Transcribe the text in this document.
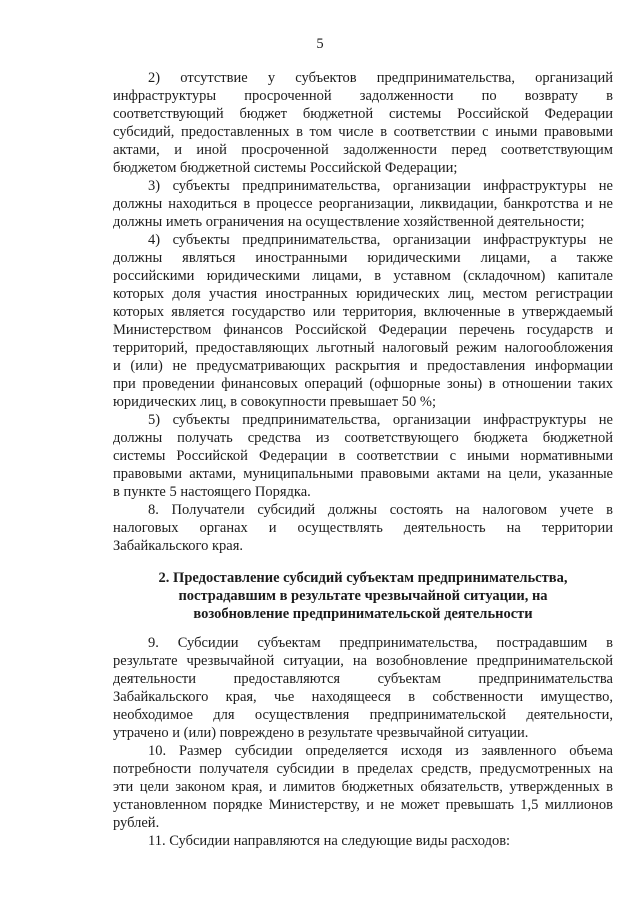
5
2) отсутствие у субъектов предпринимательства, организаций
инфраструктуры просроченной задолженности по возврату в
соответствующий бюджет бюджетной системы Российской Федерации
субсидий, предоставленных в том числе в соответствии с иными правовыми
актами, и иной просроченной задолженности перед соответствующим
бюджетом бюджетной системы Российской Федерации;
3) субъекты предпринимательства, организации инфраструктуры не
должны находиться в процессе реорганизации, ликвидации, банкротства и не
должны иметь ограничения на осуществление хозяйственной деятельности;
4) субъекты предпринимательства, организации инфраструктуры не
должны являться иностранными юридическими лицами, а также
российскими юридическими лицами, в уставном (складочном) капитале
которых доля участия иностранных юридических лиц, местом регистрации
которых является государство или территория, включенные в утверждаемый
Министерством финансов Российской Федерации перечень государств и
территорий, предоставляющих льготный налоговый режим налогообложения
и (или) не предусматривающих раскрытия и предоставления информации
при проведении финансовых операций (офшорные зоны) в отношении таких
юридических лиц, в совокупности превышает 50 %;
5) субъекты предпринимательства, организации инфраструктуры не
должны получать средства из соответствующего бюджета бюджетной
системы Российской Федерации в соответствии с иными нормативными
правовыми актами, муниципальными правовыми актами на цели, указанные
в пункте 5 настоящего Порядка.
8. Получатели субсидий должны состоять на налоговом учете в
налоговых органах и осуществлять деятельность на территории
Забайкальского края.
2. Предоставление субсидий субъектам предпринимательства,
пострадавшим в результате чрезвычайной ситуации, на
возобновление предпринимательской деятельности
9. Субсидии субъектам предпринимательства, пострадавшим в
результате чрезвычайной ситуации, на возобновление предпринимательской
деятельности предоставляются субъектам предпринимательства
Забайкальского края, чье находящееся в собственности имущество,
необходимое для осуществления предпринимательской деятельности,
утрачено и (или) повреждено в результате чрезвычайной ситуации.
10. Размер субсидии определяется исходя из заявленного объема
потребности получателя субсидии в пределах средств, предусмотренных на
эти цели законом края, и лимитов бюджетных обязательств, утвержденных в
установленном порядке Министерству, и не может превышать 1,5 миллионов
рублей.
11. Субсидии направляются на следующие виды расходов:
